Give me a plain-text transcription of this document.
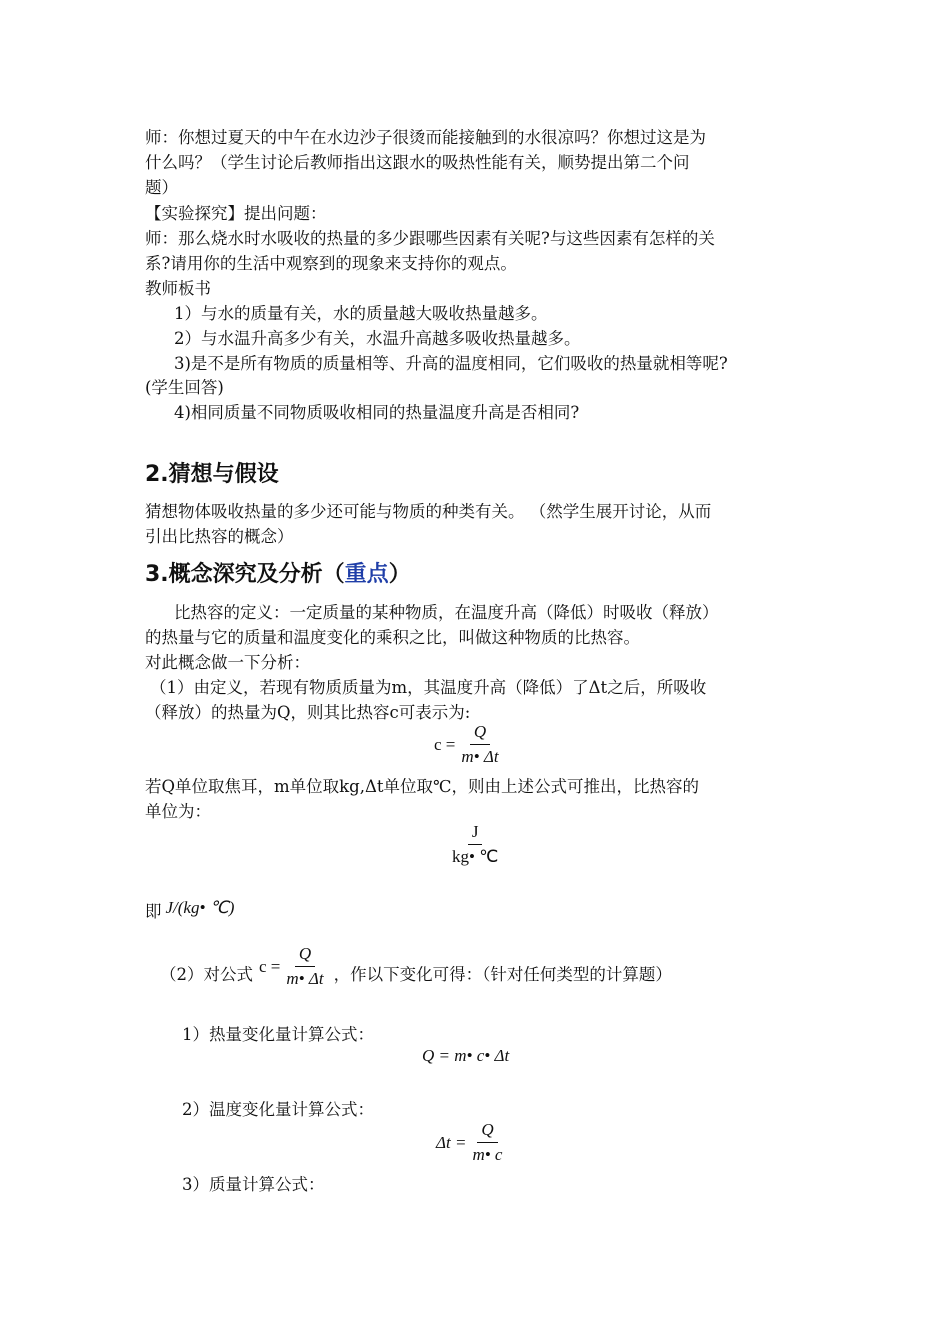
师：你想过夏天的中午在水边沙子很烫而能接触到的水很凉吗？你想过这是为

什么吗？（学生讨论后教师指出这跟水的吸热性能有关，顺势提出第二个问

题）

【实验探究】提出问题：

师：那么烧水时水吸收的热量的多少跟哪些因素有关呢?与这些因素有怎样的关

系?请用你的生活中观察到的现象来支持你的观点。

教师板书

1）与水的质量有关，水的质量越大吸收热量越多。

2）与水温升高多少有关，水温升高越多吸收热量越多。

3)是不是所有物质的质量相等、升高的温度相同，它们吸收的热量就相等呢?

(学生回答)

4)相同质量不同物质吸收相同的热量温度升高是否相同?

2.猜想与假设

猜想物体吸收热量的多少还可能与物质的种类有关。 （然学生展开讨论，从而

引出比热容的概念）

3.概念深究及分析（重点）

比热容的定义：一定质量的某种物质，在温度升高（降低）时吸收（释放）

的热量与它的质量和温度变化的乘积之比，叫做这种物质的比热容。

对此概念做一下分析：

（1）由定义，若现有物质质量为m，其温度升高（降低）了Δt之后，所吸收

（释放）的热量为Q，则其比热容c可表示为:

$c = \frac{Q}{m• \Delta t}$

若Q单位取焦耳，m单位取kg,Δt单位取℃，则由上述公式可推出，比热容的

单位为：

$\frac{J}{kg• ℃}$
即 J/(kg• ℃)
（2）对公式 $c = \frac{Q}{m• \Delta t}$ ，作以下变化可得：（针对任何类型的计算题）

1）热量变化量计算公式：

Q = m• c• Δt

2）温度变化量计算公式：

$\Delta t = \frac{Q}{m• c}$

3）质量计算公式：
